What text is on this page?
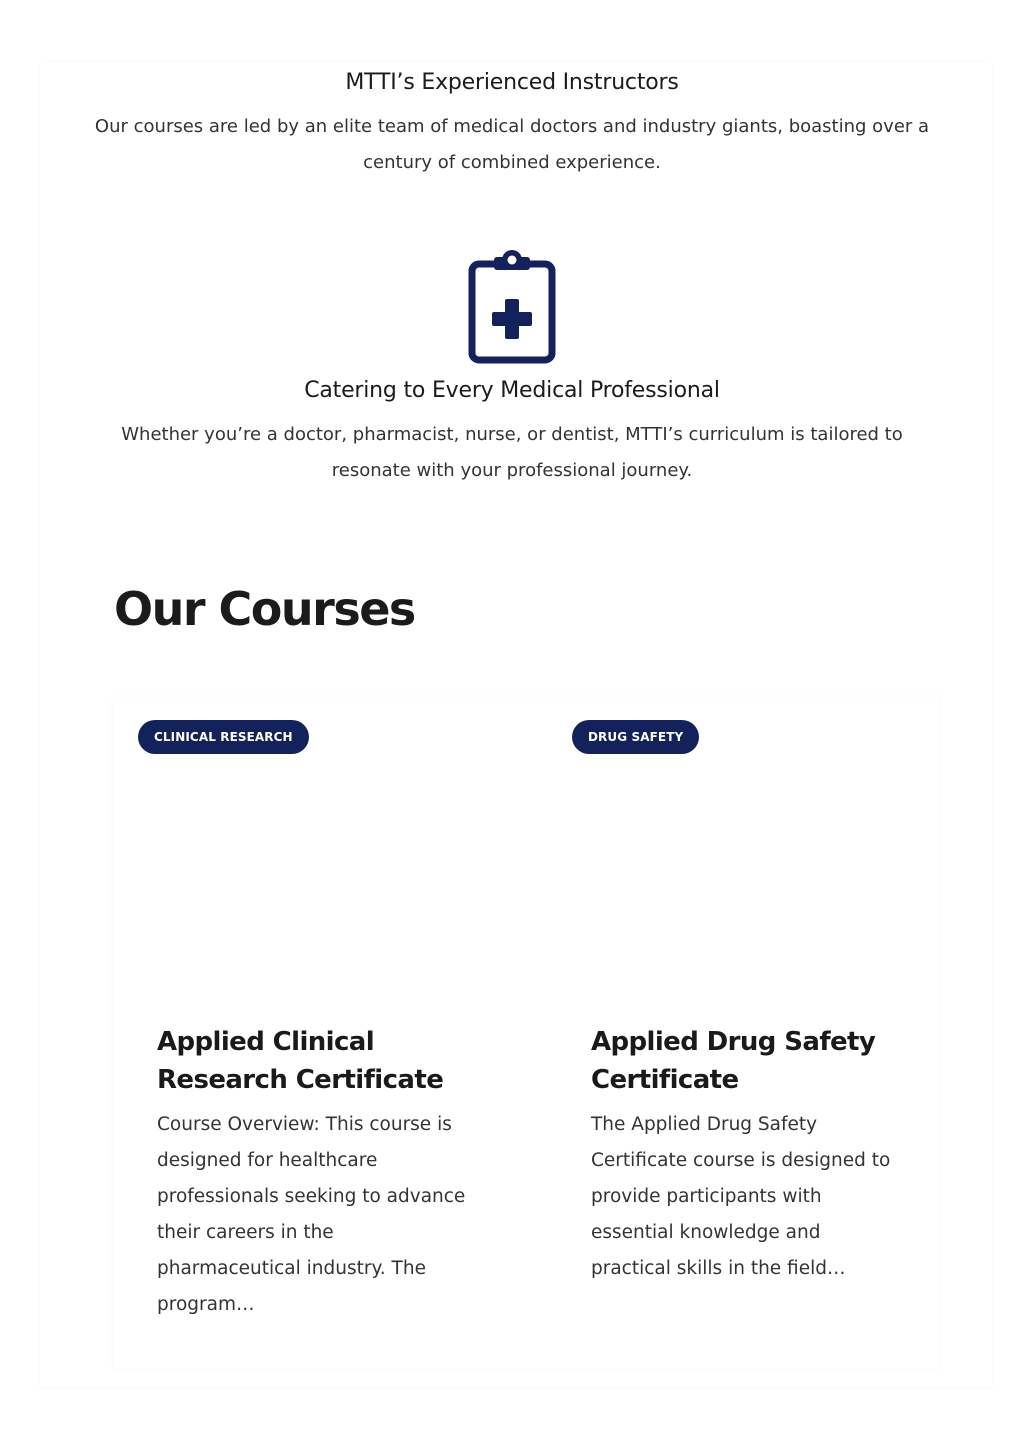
MTTI’s Experienced Instructors

Our courses are led by an elite team of medical doctors and industry giants, boasting over a century of combined experience.

Catering to Every Medical Professional

Whether you’re a doctor, pharmacist, nurse, or dentist, MTTI’s curriculum is tailored to resonate with your professional journey.

Our Courses
CLINICAL RESEARCH
Applied Clinical Research Certificate

Course Overview: This course is designed for healthcare professionals seeking to advance their careers in the pharmaceutical industry. The program…

DRUG SAFETY
Applied Drug Safety Certificate

The Applied Drug Safety Certificate course is designed to provide participants with essential knowledge and practical skills in the field…
